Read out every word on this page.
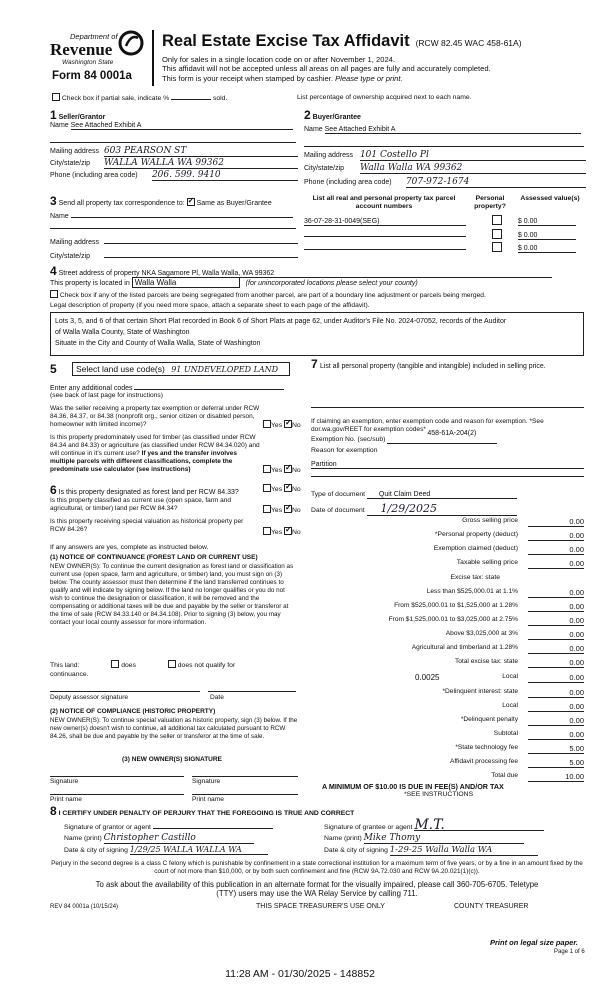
Department of
Revenue
Washington State
Form 84 0001a
Real Estate Excise Tax Affidavit (RCW 82.45 WAC 458-61A)
Only for sales in a single location code on or after November 1, 2024.
This affidavit will not be accepted unless all areas on all pages are fully and accurately completed.
This form is your receipt when stamped by cashier. Please type or print.
Check box if partial sale, indicate %	sold.	List percentage of ownership acquired next to each name.
1 Seller/Grantor
Name See Attached Exhibit A
Mailing address 603 PEARSON ST
City/state/zip WALLA WALLA WA 99362
Phone (including area code) 206. 599. 9410
2 Buyer/Grantee
Name See Attached Exhibit A
Mailing address 101 Costello Pl
City/state/zip Walla Walla WA 99362
Phone (including area code) 707-972-1674
3 Send all property tax correspondence to: ✓ Same as Buyer/Grantee
Name
Mailing address
City/state/zip
List all real and personal property tax parcel account numbers
Personal property?
Assessed value(s)
36-07-28-31-0049(SEG)	$ 0.00
$ 0.00
$ 0.00
4 Street address of property NKA Sagamore Pl, Walla Walla, WA 99362
This property is located in Walla Walla	(for unincorporated locations please select your county)
Check box if any of the listed parcels are being segregated from another parcel, are part of a boundary line adjustment or parcels being merged.
Legal description of property (if you need more space, attach a separate sheet to each page of the affidavit).
Lots 3, 5, and 6 of that certain Short Plat recorded in Book 6 of Short Plats at page 62, under Auditor's File No. 2024-07052, records of the Auditor
of Walla Walla County, State of Washington
Situate in the City and County of Walla Walla, State of Washington
5	Select land use code(s) 91 UNDEVELOPED LAND
Enter any additional codes
(see back of last page for instructions)
Was the seller receiving a property tax exemption or deferral under RCW 84.36, 84.37, or 84.38 (nonprofit org., senior citizen or disabled person, homeowner with limited income)?	Yes ✓ No
Is this property predominately used for timber (as classified under RCW 84.34 and 84.33) or agriculture (as classified under RCW 84.34.020) and will continue in it's current use? If yes and the transfer involves multiple parcels with different classifications, complete the predominate use calculator (see instructions)	Yes ✓ No
6 Is this property designated as forest land per RCW 84.33?	Yes ✓ No
Is this property classified as current use (open space, farm and agricultural, or timber) land per RCW 84.34?	Yes ✓ No
Is this property receiving special valuation as historical property per RCW 84.26?	Yes ✓ No
If any answers are yes, complete as instructed below.
(1) NOTICE OF CONTINUANCE (FOREST LAND OR CURRENT USE)
NEW OWNER(S): To continue the current designation as forest land or classification as current use (open space, farm and agriculture, or timber) land, you must sign on (3) below. The county assessor must then determine if the land transferred continues to qualify and will indicate by signing below. If the land no longer qualifies or you do not wish to continue the designation or classification, it will be removed and the compensating or additional taxes will be due and payable by the seller or transferor at the time of sale (RCW 84.33.140 or 84.34.108). Prior to signing (3) below, you may contact your local county assessor for more information.
This land:	does	does not qualify for
continuance.
Deputy assessor signature	Date
(2) NOTICE OF COMPLIANCE (HISTORIC PROPERTY)
NEW OWNER(S): To continue special valuation as historic property, sign (3) below. If the new owner(s) doesn't wish to continue, all additional tax calculated pursuant to RCW 84.26, shall be due and payable by the seller or transferor at the time of sale.
(3) NEW OWNER(S) SIGNATURE
Signature	Signature
Print name	Print name
7 List all personal property (tangible and intangible) included in selling price.
If claiming an exemption, enter exemption code and reason for exemption. *See dor.wa.gov/REET for exemption codes*
Exemption No. (sec/sub)
458-61A-204(2)

Reason for exemption
Partition
Type of document Quit Claim Deed
Date of document 1/29/2025
Gross selling price	0.00
*Personal property (deduct)	0.00
Exemption claimed (deduct)	0.00
Taxable selling price	0.00
Excise tax: state
Less than $525,000.01 at 1.1%	0.00
From $525,000.01 to $1,525,000 at 1.28%	0.00
From $1,525,000.01 to $3,025,000 at 2.75%	0.00
Above $3,025,000 at 3%	0.00
Agricultural and timberland at 1.28%	0.00
Total excise tax: state	0.00
0.0025	Local	0.00
*Delinquent interest: state	0.00
Local	0.00
*Delinquent penalty	0.00
Subtotal	0.00
*State technology fee	5.00
Affidavit processing fee	5.00
Total due	10.00
A MINIMUM OF $10.00 IS DUE IN FEE(S) AND/OR TAX
*SEE INSTRUCTIONS
8 I CERTIFY UNDER PENALTY OF PERJURY THAT THE FOREGOING IS TRUE AND CORRECT
Signature of grantor or agent
Name (print) Christopher Castillo
Date & city of signing 1/29/25 WALLA WALLA WA
Signature of grantee or agent M.T.
Name (print) Mike Thomy
Date & city of signing 1-29-25 Walla Walla WA
Perjury in the second degree is a class C felony which is punishable by confinement in a state correctional institution for a maximum term of five years, or by a fine in an amount fixed by the court of not more than $10,000, or by both such confinement and fine (RCW 9A.72.030 and RCW 9A.20.021(1)(c)).
To ask about the availability of this publication in an alternate format for the visually impaired, please call 360-705-6705. Teletype
(TTY) users may use the WA Relay Service by calling 711.
REV 84 0001a (10/15/24)	THIS SPACE TREASURER'S USE ONLY	COUNTY TREASURER
Print on legal size paper.
Page 1 of 6
11:28 AM - 01/30/2025 - 148852
